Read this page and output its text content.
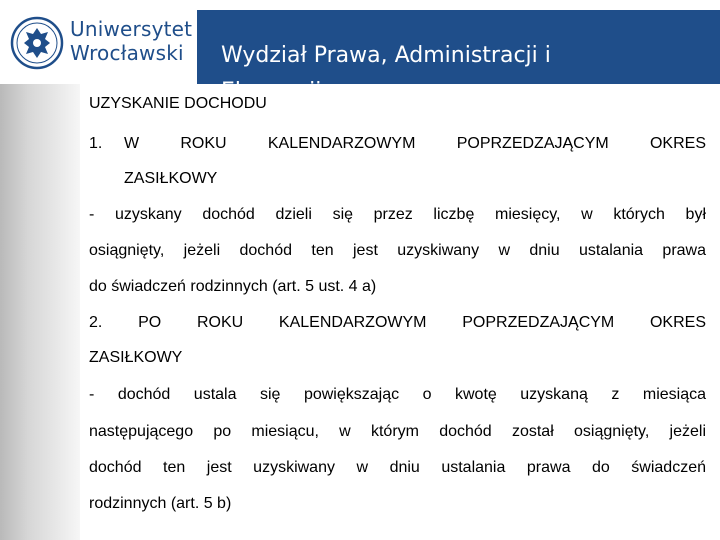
Uniwersytet
Wrocławski	Wydział Prawa, Administracji i Ekonomii
UZYSKANIE DOCHODU
1. W ROKU KALENDARZOWYM POPRZEDZAJĄCYM OKRES
ZASIŁKOWY
- uzyskany dochód dzieli się przez liczbę miesięcy, w których był
osiągnięty, jeżeli dochód ten jest uzyskiwany w dniu ustalania prawa
do świadczeń rodzinnych (art. 5 ust. 4 a)
2. PO ROKU KALENDARZOWYM POPRZEDZAJĄCYM OKRES
ZASIŁKOWY
- dochód ustala się powiększając o kwotę uzyskaną z miesiąca
następującego po miesiącu, w którym dochód został osiągnięty, jeżeli
dochód ten jest uzyskiwany w dniu ustalania prawa do świadczeń
rodzinnych (art. 5 b)
